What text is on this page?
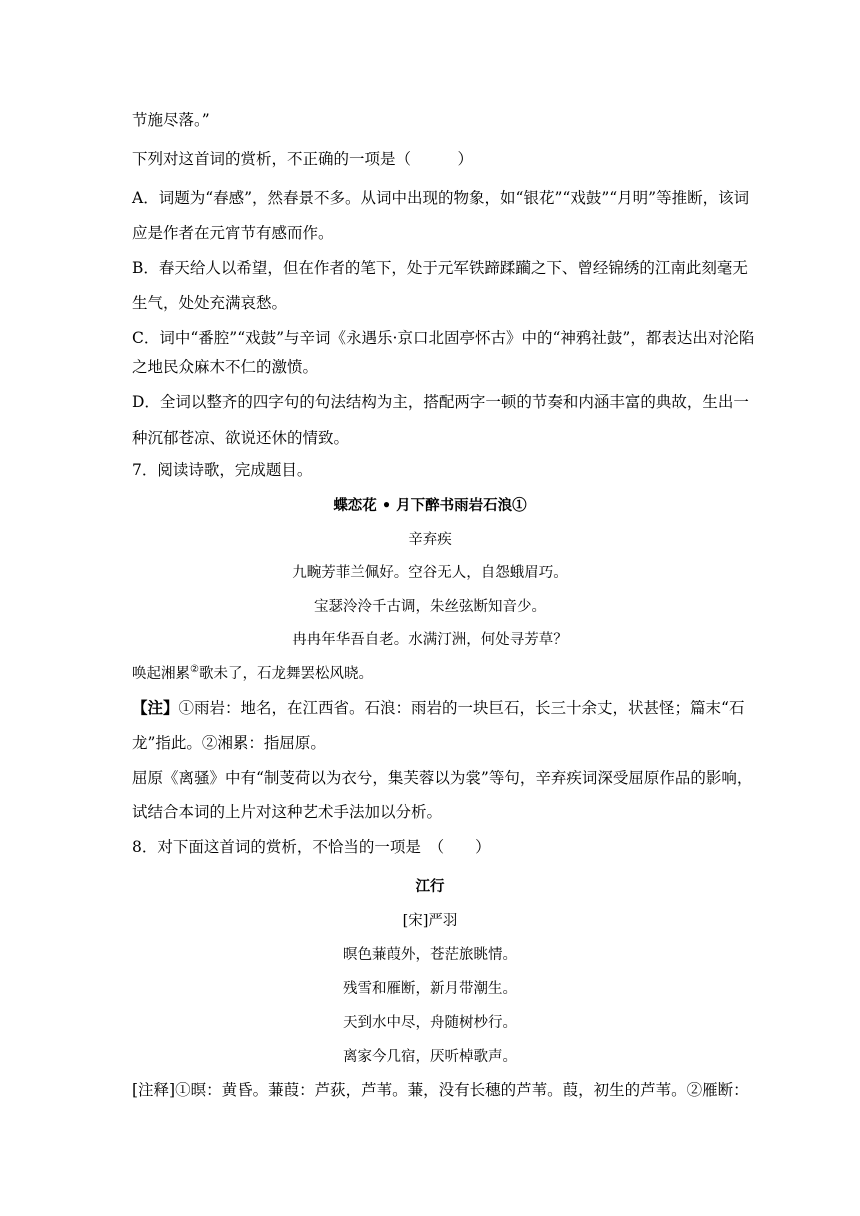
节施尽落。”
下列对这首词的赏析，不正确的一项是（　　　）
A．词题为“春感”，然春景不多。从词中出现的物象，如“银花”“戏鼓”“月明”等推断，该词
应是作者在元宵节有感而作。
B．春天给人以希望，但在作者的笔下，处于元军铁蹄蹂躏之下、曾经锦绣的江南此刻毫无
生气，处处充满哀愁。
C．词中“番腔”“戏鼓”与辛词《永遇乐·京口北固亭怀古》中的“神鸦社鼓”，都表达出对沦陷
之地民众麻木不仁的激愤。
D．全词以整齐的四字句的句法结构为主，搭配两字一顿的节奏和内涵丰富的典故，生出一
种沉郁苍凉、欲说还休的情致。
7．阅读诗歌，完成题目。
蝶恋花 • 月下醉书雨岩石浪①
辛弃疾
九畹芳菲兰佩好。空谷无人，自怨蛾眉巧。
宝瑟泠泠千古调，朱丝弦断知音少。
冉冉年华吾自老。水满汀洲，何处寻芳草？
唤起湘累②歌未了，石龙舞罢松风晓。
【注】①雨岩：地名，在江西省。石浪：雨岩的一块巨石，长三十余丈，状甚怪；篇末“石
龙”指此。②湘累：指屈原。
屈原《离骚》中有“制芰荷以为衣兮，集芙蓉以为裳”等句，辛弃疾词深受屈原作品的影响，
试结合本词的上片对这种艺术手法加以分析。
8．对下面这首词的赏析，不恰当的一项是　（　　）
江行
[宋]严羽
暝色蒹葭外，苍茫旅眺情。
残雪和雁断，新月带潮生。
天到水中尽，舟随树杪行。
离家今几宿，厌听棹歌声。
[注释]①暝：黄昏。蒹葭：芦荻，芦苇。蒹，没有长穗的芦苇。葭，初生的芦苇。②雁断：
